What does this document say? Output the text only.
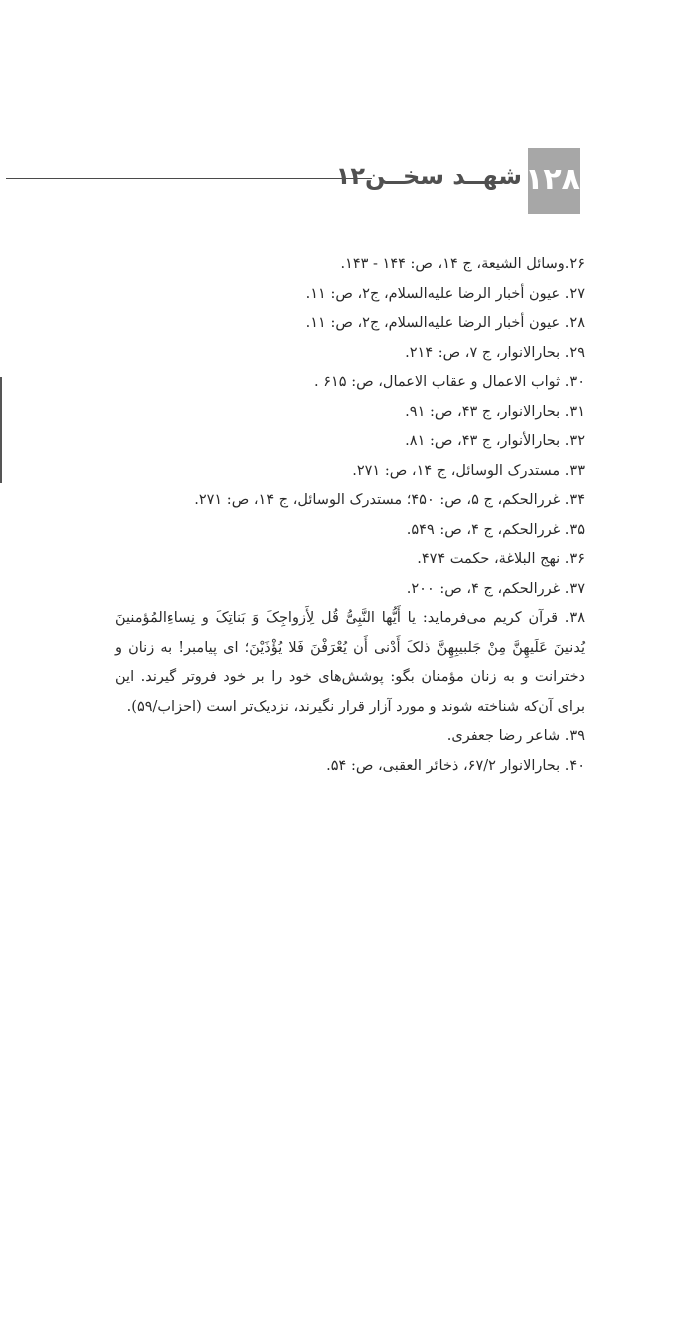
شهــد سخــن۱۲ ۱۲۸
۲۶.وسائل الشیعة، ج ۱۴، ص: ۱۴۴ - ۱۴۳.
۲۷. عیون أخبار الرضا علیه‌السلام، ج۲، ص: ۱۱.
۲۸. عیون أخبار الرضا علیه‌السلام، ج۲، ص: ۱۱.
۲۹. بحارالانوار، ج ۷، ص: ۲۱۴.
۳۰. ثواب الاعمال و عقاب الاعمال، ص: ۶۱۵ .
۳۱. بحارالانوار، ج ۴۳، ص: ۹۱.
۳۲. بحارالأنوار، ج ۴۳، ص: ۸۱.
۳۳. مستدرک الوسائل، ج ۱۴، ص: ۲۷۱.
۳۴. غررالحکم، ج ۵، ص: ۴۵۰؛ مستدرک الوسائل، ج ۱۴، ص: ۲۷۱.
۳۵. غررالحکم، ج ۴، ص: ۵۴۹.
۳۶. نهج البلاغة، حکمت ۴۷۴.
۳۷. غررالحکم، ج ۴، ص: ۲۰۰.
۳۸. قرآن کریم می‌فرماید: یا أَیُّها النَّبِیُّ قُل لِأَزواجِکَ وَ بَناتِکَ و نِساءِالمُؤمنینَ یُدنینَ عَلَیهِنَّ مِنْ جَلبیبِهِنَّ ذلکَ أَدْنی أَن یُعْرَفْنَ فَلا یُؤْذَیْنَ؛ ای پیامبر! به زنان و دخترانت و به زنان مؤمنان بگو: پوشش‌های خود را بر خود فروتر گیرند. این برای آن‌که شناخته شوند و مورد آزار قرار نگیرند، نزدیک‌تر است (احزاب/۵۹).
۳۹. شاعر رضا جعفری.
۴۰. بحارالانوار ۶۷/۲، ذخائر العقبی، ص: ۵۴.
